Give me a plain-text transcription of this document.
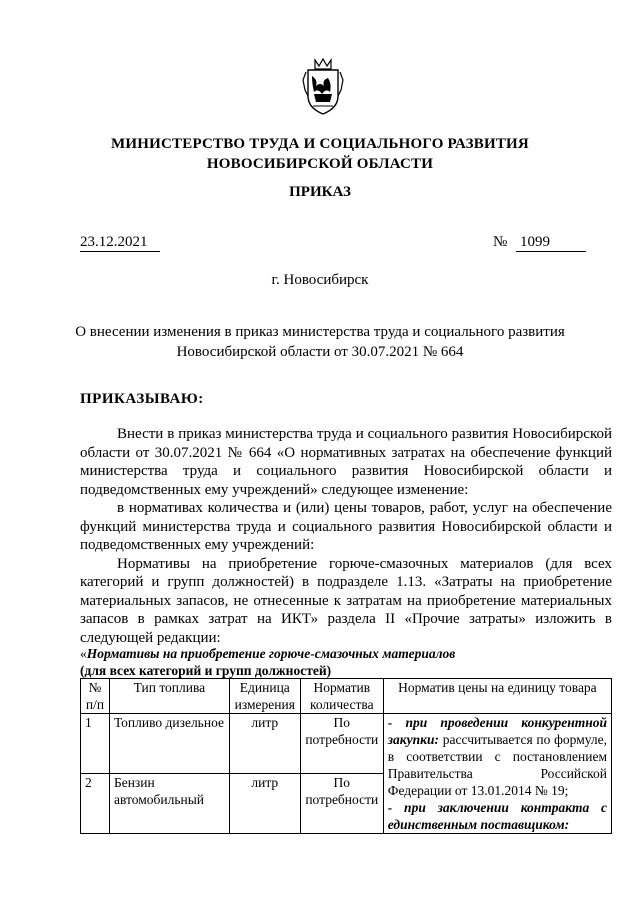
МИНИСТЕРСТВО ТРУДА И СОЦИАЛЬНОГО РАЗВИТИЯ
НОВОСИБИРСКОЙ ОБЛАСТИ
ПРИКАЗ
23.12.2021	№ 1099
г. Новосибирск
О внесении изменения в приказ министерства труда и социального развития Новосибирской области от 30.07.2021 № 664
ПРИКАЗЫВАЮ:

Внести в приказ министерства труда и социального развития Новосибирской области от 30.07.2021 № 664 «О нормативных затратах на обеспечение функций министерства труда и социального развития Новосибирской области и подведомственных ему учреждений» следующее изменение:

в нормативах количества и (или) цены товаров, работ, услуг на обеспечение функций министерства труда и социального развития Новосибирской области и подведомственных ему учреждений:

Нормативы на приобретение горюче-смазочных материалов (для всех категорий и групп должностей) в подразделе 1.13. «Затраты на приобретение материальных запасов, не отнесенные к затратам на приобретение материальных запасов в рамках затрат на ИКТ» раздела II «Прочие затраты» изложить в следующей редакции:

«Нормативы на приобретение горюче-смазочных материалов
(для всех категорий и групп должностей)
№ п/п	Тип топлива	Единица измерения	Норматив количества	Норматив цены на единицу товара
1	Топливо дизельное	литр	По потребности	- при проведении конкурентной закупки: рассчитывается по формуле, в соответствии с постановлением Правительства Российской Федерации от 13.01.2014 № 19;
- при заключении контракта с единственным поставщиком:
2	Бензин автомобильный	литр	По потребности	
